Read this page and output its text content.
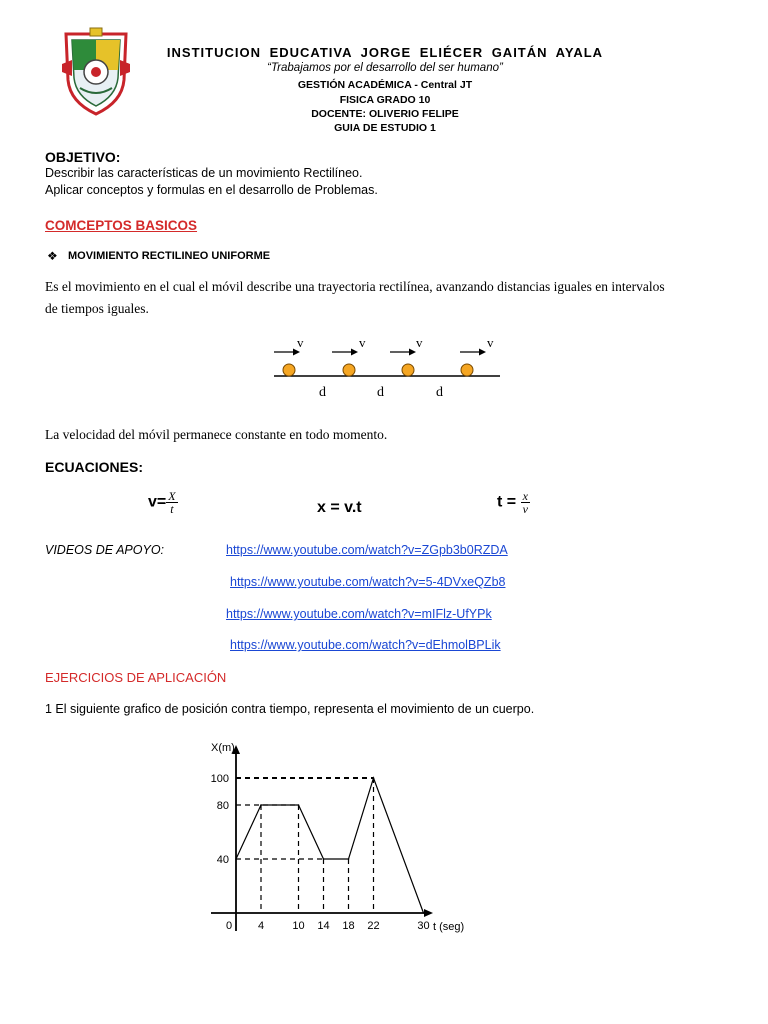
INSTITUCION EDUCATIVA JORGE ELIÉCER GAITÁN AYALA
“Trabajamos por el desarrollo del ser humano”
GESTIÓN ACADÉMICA - Central JT
FISICA GRADO 10
DOCENTE: OLIVERIO FELIPE
GUIA DE ESTUDIO 1
OBJETIVO:
Describir las características de un movimiento Rectilíneo.
Aplicar conceptos y formulas en el desarrollo de Problemas.
COMCEPTOS BASICOS
❖ MOVIMIENTO RECTILINEO UNIFORME
Es el movimiento en el cual el móvil describe una trayectoria rectilínea, avanzando distancias iguales en intervalos
de tiempos iguales.
v	v	v	v
d	d	d
La velocidad del móvil permanece constante en todo momento.
ECUACIONES:
$v= \frac{X}{t}$	x = v.t	$t = \frac{x}{v}$
VIDEOS DE APOYO:	https://www.youtube.com/watch?v=ZGpb3b0RZDA
https://www.youtube.com/watch?v=5-4DVxeQZb8
https://www.youtube.com/watch?v=mIFlz-UfYPk
https://www.youtube.com/watch?v=dEhmolBPLik
EJERCICIOS DE APLICACIÓN
1 El siguiente grafico de posición contra tiempo, representa el movimiento de un cuerpo.
X(m)
t (seg)
40
80
100
0 4	10 14 18 22	30
